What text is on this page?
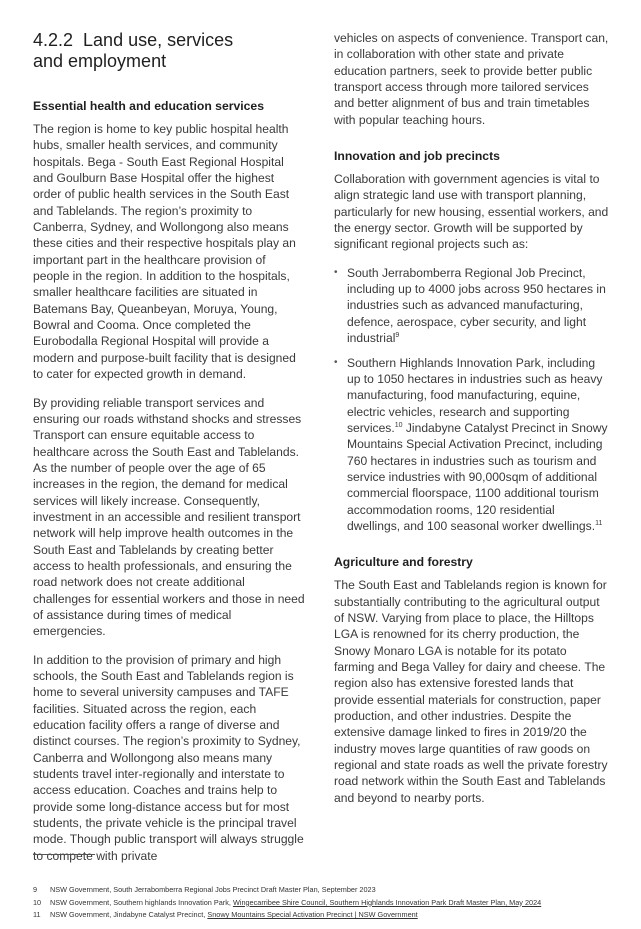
4.2.2  Land use, services
and employment
Essential health and education services

The region is home to key public hospital health hubs, smaller health services, and community hospitals. Bega - South East Regional Hospital and Goulburn Base Hospital offer the highest order of public health services in the South East and Tablelands. The region’s proximity to Canberra, Sydney, and Wollongong also means these cities and their respective hospitals play an important part in the healthcare provision of people in the region. In addition to the hospitals, smaller healthcare facilities are situated in Batemans Bay, Queanbeyan, Moruya, Young, Bowral and Cooma. Once completed the Eurobodalla Regional Hospital will provide a modern and purpose-built facility that is designed to cater for expected growth in demand.

By providing reliable transport services and ensuring our roads withstand shocks and stresses Transport can ensure equitable access to healthcare across the South East and Tablelands. As the number of people over the age of 65 increases in the region, the demand for medical services will likely increase. Consequently, investment in an accessible and resilient transport network will help improve health outcomes in the South East and Tablelands by creating better access to health professionals, and ensuring the road network does not create additional challenges for essential workers and those in need of assistance during times of medical emergencies.

In addition to the provision of primary and high schools, the South East and Tablelands region is home to several university campuses and TAFE facilities. Situated across the region, each education facility offers a range of diverse and distinct courses. The region’s proximity to Sydney, Canberra and Wollongong also means many students travel inter-regionally and interstate to access education. Coaches and trains help to provide some long-distance access but for most students, the private vehicle is the principal travel mode. Though public transport will always struggle to compete with private

vehicles on aspects of convenience. Transport can, in collaboration with other state and private education partners, seek to provide better public transport access through more tailored services and better alignment of bus and train timetables with popular teaching hours.

Innovation and job precincts

Collaboration with government agencies is vital to align strategic land use with transport planning, particularly for new housing, essential workers, and the energy sector. Growth will be supported by significant regional projects such as:

• South Jerrabomberra Regional Job Precinct, including up to 4000 jobs across 950 hectares in industries such as advanced manufacturing, defence, aerospace, cyber security, and light industrial$^9$
• Southern Highlands Innovation Park, including up to 1050 hectares in industries such as heavy manufacturing, food manufacturing, equine, electric vehicles, research and supporting services.$^{10}$ Jindabyne Catalyst Precinct in Snowy Mountains Special Activation Precinct, including 760 hectares in industries such as tourism and service industries with 90,000sqm of additional commercial floorspace, 1100 additional tourism accommodation rooms, 120 residential dwellings, and 100 seasonal worker dwellings.$^{11}$
Agriculture and forestry

The South East and Tablelands region is known for substantially contributing to the agricultural output of NSW. Varying from place to place, the Hilltops LGA is renowned for its cherry production, the Snowy Monaro LGA is notable for its potato farming and Bega Valley for dairy and cheese. The region also has extensive forested lands that provide essential materials for construction, paper production, and other industries. Despite the extensive damage linked to fires in 2019/20 the industry moves large quantities of raw goods on regional and state roads as well the private forestry road network within the South East and Tablelands and beyond to nearby ports.

9 NSW Government, South Jerrabomberra Regional Jobs Precinct Draft Master Plan, September 2023
10 NSW Government, Southern highlands Innovation Park, Wingecarribee Shire Council, Southern Highlands Innovation Park Draft Master Plan, May 2024
11 NSW Government, Jindabyne Catalyst Precinct, Snowy Mountains Special Activation Precinct | NSW Government
